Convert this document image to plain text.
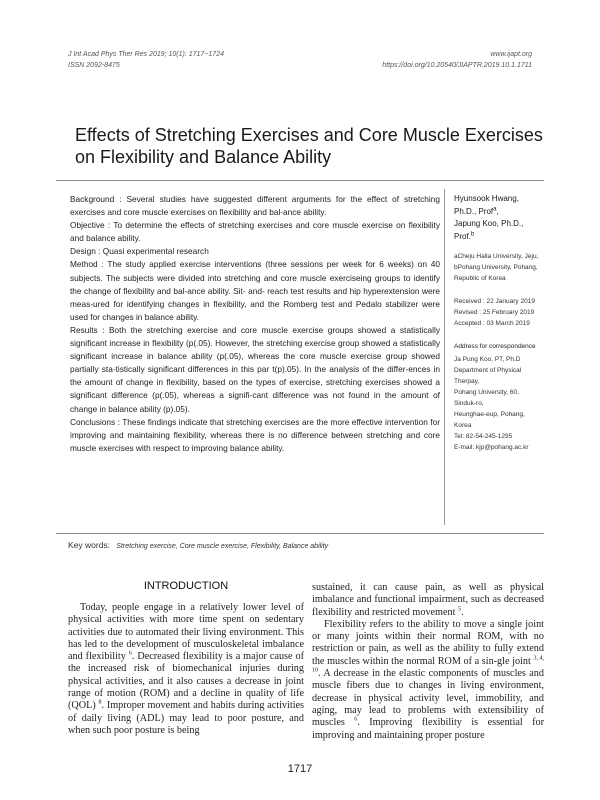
J Int Acad Phys Ther Res 2019; 10(1): 1717~1724
ISSN 2092-8475
www.ijapt.org
https://doi.org/10.20540/JIAPTR.2019.10.1.1711
Effects of Stretching Exercises and Core Muscle Exercises on Flexibility and Balance Ability

Background : Several studies have suggested different arguments for the effect of stretching exercises and core muscle exercises on flexibility and bal-ance ability.

Objective : To determine the effects of stretching exercises and core muscle exercise on flexibility and balance ability.

Design : Quasi experimental research

Method : The study applied exercise interventions (three sessions per week for 6 weeks) on 40 subjects. The subjects were divided into stretching and core muscle exerciseing groups to identify the change of flexibility and bal-ance ability. Sit- and- reach test results and hip hyperextension were meas-ured for identifying changes in flexibility, and the Romberg test and Pedalo stabilizer were used for changes in balance ability.

Results : Both the stretching exercise and core muscle exercise groups showed a statistically significant increase in flexibility (p(.05). However, the stretching exercise group showed a statistically significant increase in balance ability (p(.05), whereas the core muscle exercise group showed partially sta-tistically significant differences in this par t(p).05). In the analysis of the differ-ences in the amount of change in flexibility, based on the types of exercise, stretching exercises showed a significant difference (p(.05), whereas a signifi-cant difference was not found in the amount of change in balance ability (p).05).

Conclusions : These findings indicate that stretching exercises are the more effective intervention for improving and maintaining flexibility, whereas there is no difference between stretching and core muscle exercises with respect to improving balance ability.

Hyunsook Hwang, Ph.D., Prof$^a$,
Japung Koo, Ph.D., Prof.$^b$
aCheju Halla University, Jeju, bPohang University, Pohang, Republic of Korea
Received : 22 January 2019
Revised : 25 February 2019
Accepted : 03 March 2019
Address for correspondence
Ja Pung Koo, PT, Ph.D
Department of Physical Therpay,
Pohang University, 60, Sinduk-ro,
Heunghae-eup, Pohang, Korea
Tel: 82-54-245-1295
E-mail: kjp@pohang.ac.kr
Key words: Stretching exercise, Core muscle exercise, Flexibility, Balance ability
INTRODUCTION

Today, people engage in a relatively lower level of physical activities with more time spent on sedentary activities due to automated their living environment. This has led to the development of musculoskeletal imbalance and flexibility $^6$. Decreased flexibility is a major cause of the increased risk of biomechanical injuries during physical activities, and it also causes a decrease in joint range of motion (ROM) and a decline in quality of life (QOL) $^8$. Improper movement and habits during activities of daily living (ADL) may lead to poor posture, and when such poor posture is being

sustained, it can cause pain, as well as physical imbalance and functional impairment, such as decreased flexibility and restricted movement $^5$.

Flexibility refers to the ability to move a single joint or many joints within their normal ROM, with no restriction or pain, as well as the ability to fully extend the muscles within the normal ROM of a sin-gle joint $^{3, 4, 10}$. A decrease in the elastic components of muscles and muscle fibers due to changes in living environment, decrease in physical activity level, immobility, and aging, may lead to problems with extensibility of muscles $^6$. Improving flexibility is essential for improving and maintaining proper posture

1717
